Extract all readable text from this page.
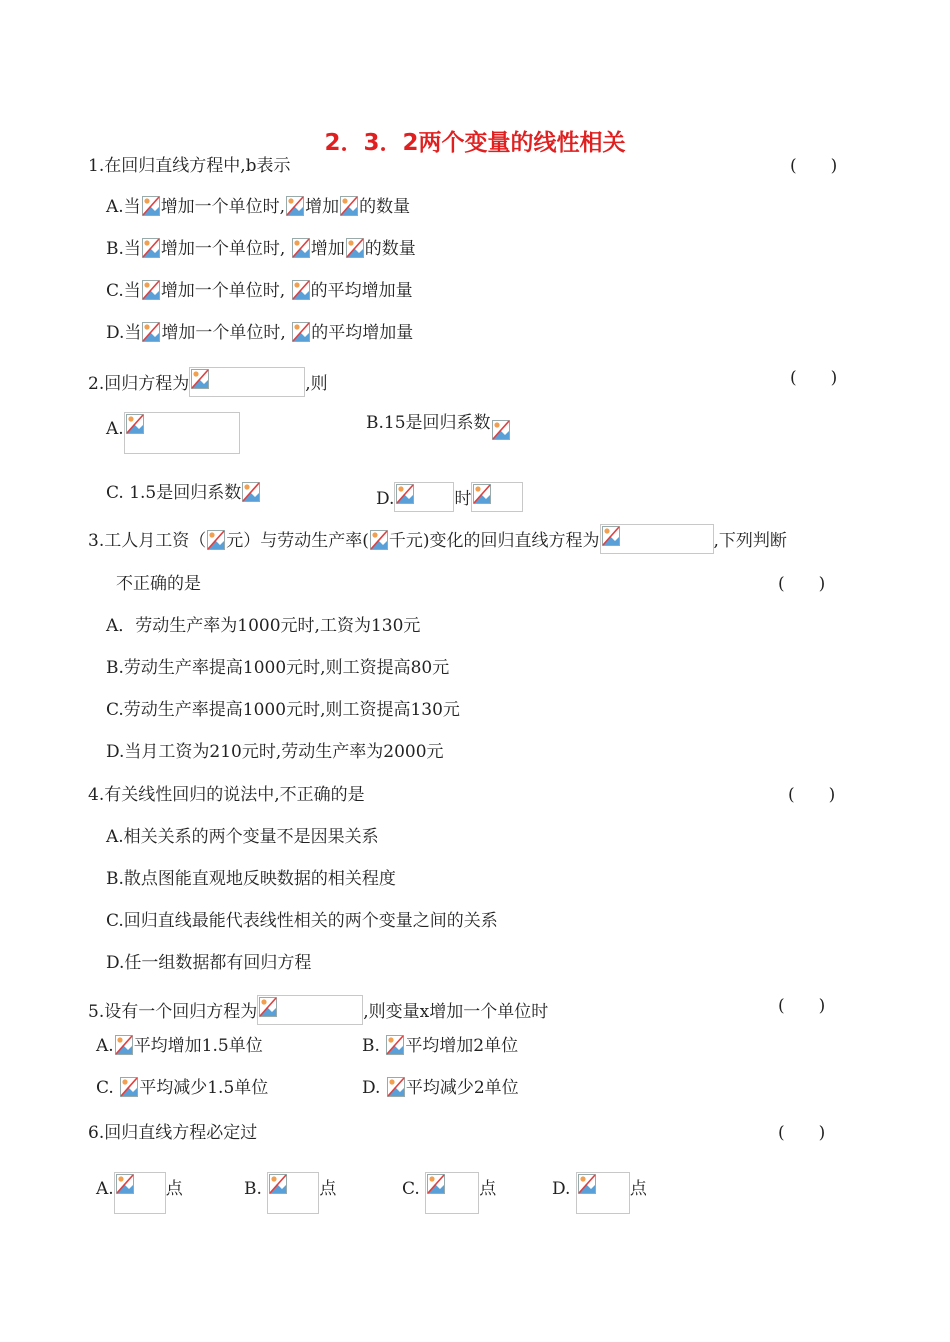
2．3．2两个变量的线性相关
1.在回归直线方程中,b表示	(　　)
A.当 增加一个单位时, 增加 的数量
B.当 增加一个单位时, 增加 的数量
C.当 增加一个单位时, 的平均增加量
D.当 增加一个单位时, 的平均增加量
2.回归方程为	,则	(　　)
A.	B.15是回归系数
C. 1.5是回归系数	D.	时
3.工人月工资（ 元）与劳动生产率( 千元)变化的回归直线方程为	,下列判断
不正确的是	(　　)
A．劳动生产率为1000元时,工资为130元
B.劳动生产率提高1000元时,则工资提高80元
C.劳动生产率提高1000元时,则工资提高130元
D.当月工资为210元时,劳动生产率为2000元
4.有关线性回归的说法中,不正确的是	(　　)
A.相关关系的两个变量不是因果关系
B.散点图能直观地反映数据的相关程度
C.回归直线最能代表线性相关的两个变量之间的关系
D.任一组数据都有回归方程
5.设有一个回归方程为	,则变量x增加一个单位时	(　　)
A. 平均增加1.5单位	B. 平均增加2单位
C. 平均减少1.5单位	D. 平均减少2单位
6.回归直线方程必定过	(　　)
A.	点	B.	点	C.	点	D.	点
